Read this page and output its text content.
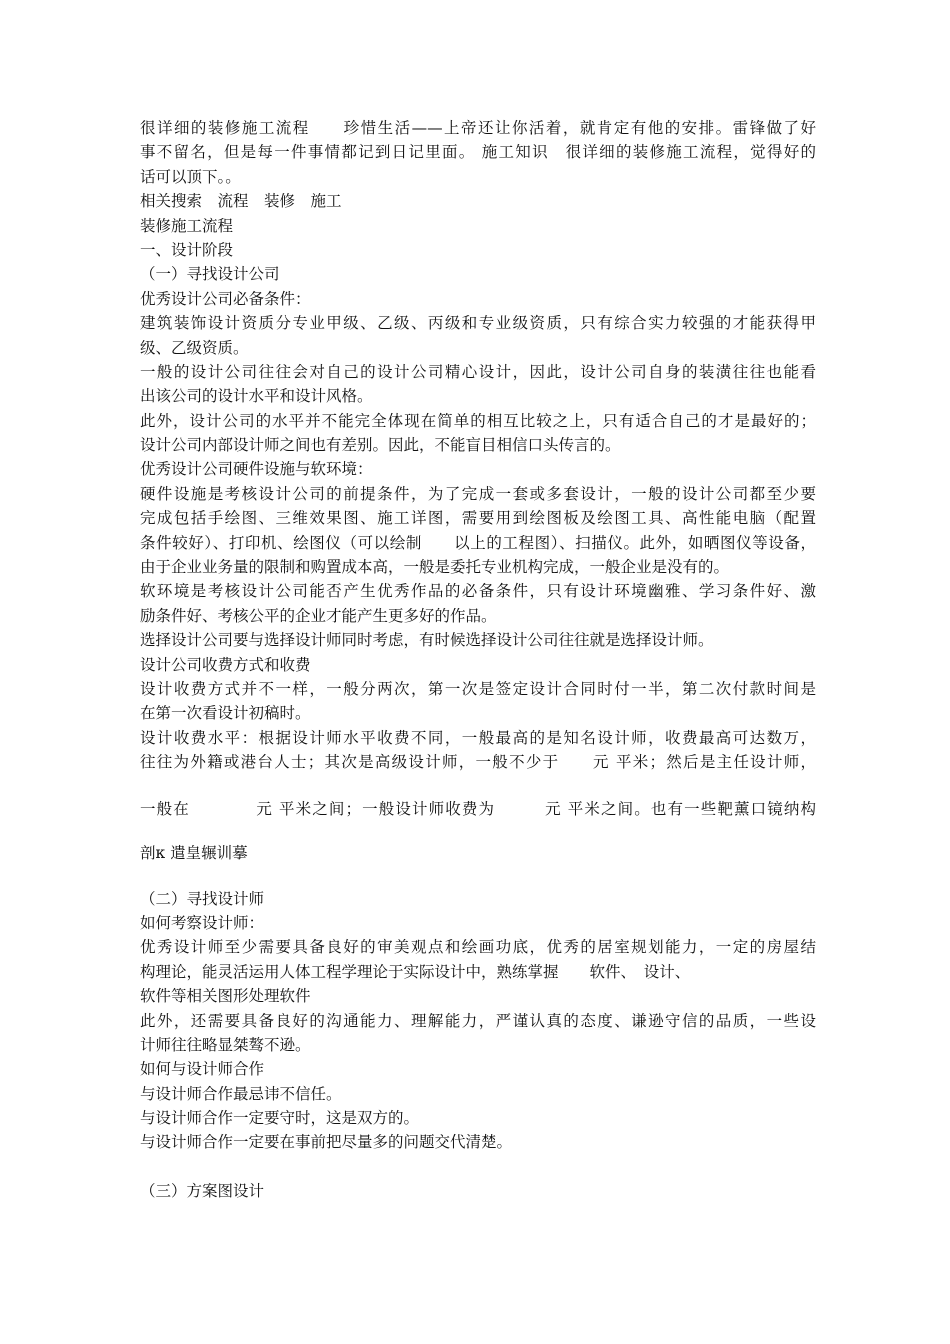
很详细的装修施工流程　　珍惜生活——上帝还让你活着，就肯定有他的安排。雷锋做了好
事不留名，但是每一件事情都记到日记里面。 施工知识　很详细的装修施工流程，觉得好的
话可以顶下。。
相关搜索　流程　装修　施工
装修施工流程
一、设计阶段
（一）寻找设计公司
优秀设计公司必备条件：
建筑装饰设计资质分专业甲级、乙级、丙级和专业级资质，只有综合实力较强的才能获得甲
级、乙级资质。
一般的设计公司往往会对自己的设计公司精心设计，因此，设计公司自身的装潢往往也能看
出该公司的设计水平和设计风格。
此外，设计公司的水平并不能完全体现在简单的相互比较之上，只有适合自己的才是最好的；
设计公司内部设计师之间也有差别。因此，不能盲目相信口头传言的。
优秀设计公司硬件设施与软环境：
硬件设施是考核设计公司的前提条件，为了完成一套或多套设计，一般的设计公司都至少要
完成包括手绘图、三维效果图、施工详图，需要用到绘图板及绘图工具、高性能电脑（配置
条件较好）、打印机、绘图仪（可以绘制　　以上的工程图）、扫描仪。此外，如晒图仪等设备，
由于企业业务量的限制和购置成本高，一般是委托专业机构完成，一般企业是没有的。
软环境是考核设计公司能否产生优秀作品的必备条件，只有设计环境幽雅、学习条件好、激
励条件好、考核公平的企业才能产生更多好的作品。
选择设计公司要与选择设计师同时考虑，有时候选择设计公司往往就是选择设计师。
设计公司收费方式和收费
设计收费方式并不一样，一般分两次，第一次是签定设计合同时付一半，第二次付款时间是
在第一次看设计初稿时。
设计收费水平：根据设计师水平收费不同，一般最高的是知名设计师，收费最高可达数万，
往往为外籍或港台人士；其次是高级设计师，一般不少于　　元 平米；然后是主任设计师，
一般在　　　　元 平米之间；一般设计师收费为　　　元 平米之间。也有一些靶薰口镜纳构
剖κ 遣皇辗训摹
（二）寻找设计师
如何考察设计师：
优秀设计师至少需要具备良好的审美观点和绘画功底，优秀的居室规划能力，一定的房屋结
构理论，能灵活运用人体工程学理论于实际设计中，熟练掌握　　软件、　设计、
软件等相关图形处理软件
此外，还需要具备良好的沟通能力、理解能力，严谨认真的态度、谦逊守信的品质，一些设
计师往往略显桀骜不逊。
如何与设计师合作
与设计师合作最忌讳不信任。
与设计师合作一定要守时，这是双方的。
与设计师合作一定要在事前把尽量多的问题交代清楚。
（三）方案图设计
